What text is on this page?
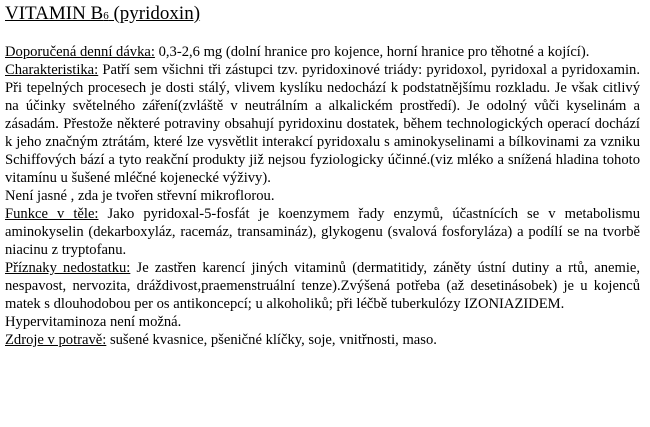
VITAMIN B6 (pyridoxin)

Doporučená denní dávka: 0,3-2,6 mg (dolní hranice pro kojence, horní hranice pro těhotné a kojící).

Charakteristika: Patří sem všichni tři zástupci tzv. pyridoxinové triády: pyridoxol, pyridoxal a pyridoxamin. Při tepelných procesech je dosti stálý, vlivem kyslíku nedochází k podstatnějšímu rozkladu. Je však citlivý na účinky světelného záření(zvláště v neutrálním a alkalickém prostředí). Je odolný vůči kyselinám a zásadám. Přestože některé potraviny obsahují pyridoxinu dostatek, během technologických operací dochází k jeho značným ztrátám, které lze vysvětlit interakcí pyridoxalu s aminokyselinami a bílkovinami za vzniku Schiffových bází a tyto reakční produkty již nejsou fyziologicky účinné.(viz mléko a snížená hladina tohoto vitamínu u šušené mléčné kojenecké výživy).

Není jasné , zda je tvořen střevní mikroflorou.

Funkce v těle: Jako pyridoxal-5-fosfát je koenzymem řady enzymů, účastnících se v metabolismu aminokyselin (dekarboxyláz, racemáz, transamináz), glykogenu (svalová fosforyláza) a podílí se na tvorbě niacinu z tryptofanu.

Příznaky nedostatku: Je zastřen karencí jiných vitaminů (dermatitidy, záněty ústní dutiny a rtů, anemie, nespavost, nervozita, dráždivost,praemenstruální tenze).Zvýšená potřeba (až desetinásobek) je u kojenců matek s dlouhodobou per os antikoncepcí; u alkoholiků; při léčbě tuberkulózy IZONIAZIDEM.

Hypervitaminoza není možná.

Zdroje v potravě: sušené kvasnice, pšeničné klíčky, soje, vnitřnosti, maso.
